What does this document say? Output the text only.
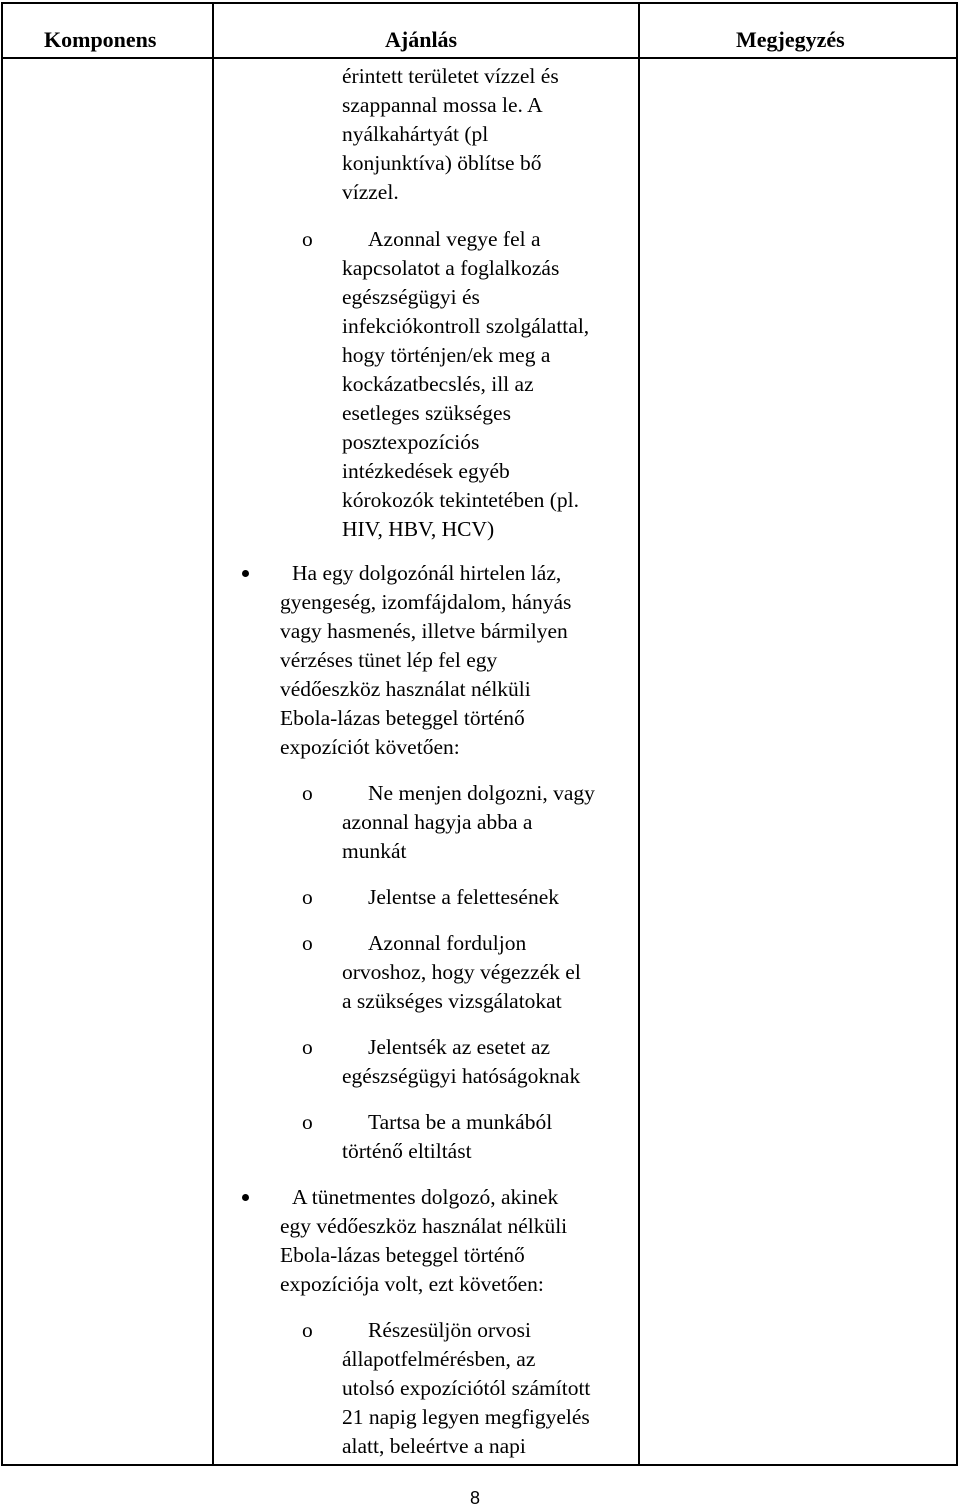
Komponens	Ajánlás	Megjegyzés
érintett területet vízzel és
szappannal mossa le. A
nyálkahártyát (pl
konjunktíva) öblítse bő
vízzel.
o	Azonnal vegye fel a
kapcsolatot a foglalkozás
egészségügyi és
infekciókontroll szolgálattal,
hogy történjen/ek meg a
kockázatbecslés, ill az
esetleges szükséges
posztexpozíciós
intézkedések egyéb
kórokozók tekintetében (pl.
HIV, HBV, HCV)
Ha egy dolgozónál hirtelen láz,
gyengeség, izomfájdalom, hányás
vagy hasmenés, illetve bármilyen
vérzéses tünet lép fel egy
védőeszköz használat nélküli
Ebola-lázas beteggel történő
expozíciót követően:
o	Ne menjen dolgozni, vagy
azonnal hagyja abba a
munkát
o	Jelentse a felettesének
o	Azonnal forduljon
orvoshoz, hogy végezzék el
a szükséges vizsgálatokat
o	Jelentsék az esetet az
egészségügyi hatóságoknak
o	Tartsa be a munkából
történő eltiltást
A tünetmentes dolgozó, akinek
egy védőeszköz használat nélküli
Ebola-lázas beteggel történő
expozíciója volt, ezt követően:
o	Részesüljön orvosi
állapotfelmérésben, az
utolsó expozíciótól számított
21 napig legyen megfigyelés
alatt, beleértve a napi
8
